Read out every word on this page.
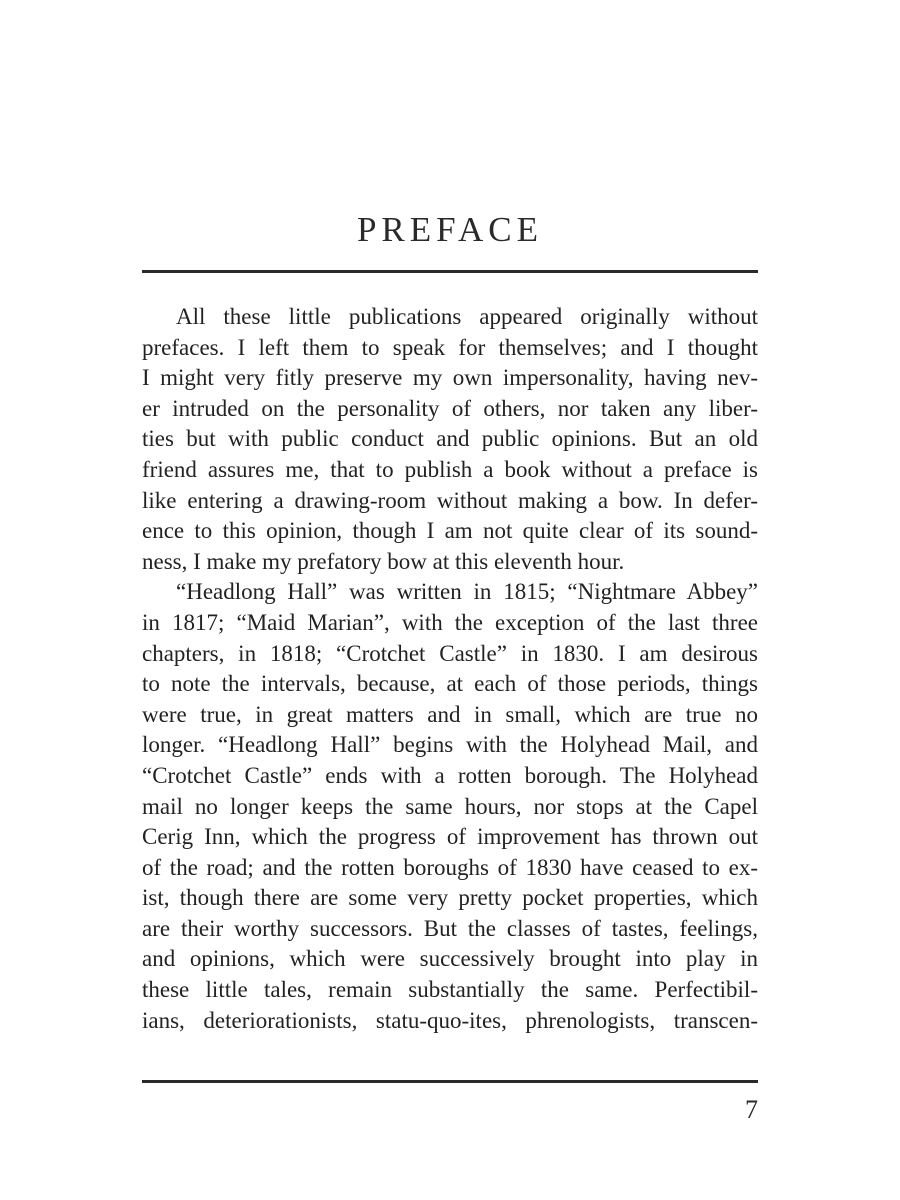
PREFACE
All these little publications appeared originally without
prefaces. I left them to speak for themselves; and I thought
I might very fitly preserve my own impersonality, having nev-
er intruded on the personality of others, nor taken any liber-
ties but with public conduct and public opinions. But an old
friend assures me, that to publish a book without a preface is
like entering a drawing-room without making a bow. In defer-
ence to this opinion, though I am not quite clear of its sound-
ness, I make my prefatory bow at this eleventh hour.
“Headlong Hall” was written in 1815; “Nightmare Abbey”
in 1817; “Maid Marian”, with the exception of the last three
chapters, in 1818; “Crotchet Castle” in 1830. I am desirous
to note the intervals, because, at each of those periods, things
were true, in great matters and in small, which are true no
longer. “Headlong Hall” begins with the Holyhead Mail, and
“Crotchet Castle” ends with a rotten borough. The Holyhead
mail no longer keeps the same hours, nor stops at the Capel
Cerig Inn, which the progress of improvement has thrown out
of the road; and the rotten boroughs of 1830 have ceased to ex-
ist, though there are some very pretty pocket properties, which
are their worthy successors. But the classes of tastes, feelings,
and opinions, which were successively brought into play in
these little tales, remain substantially the same. Perfectibil-
ians, deteriorationists, statu-quo-ites, phrenologists, transcen-
7
